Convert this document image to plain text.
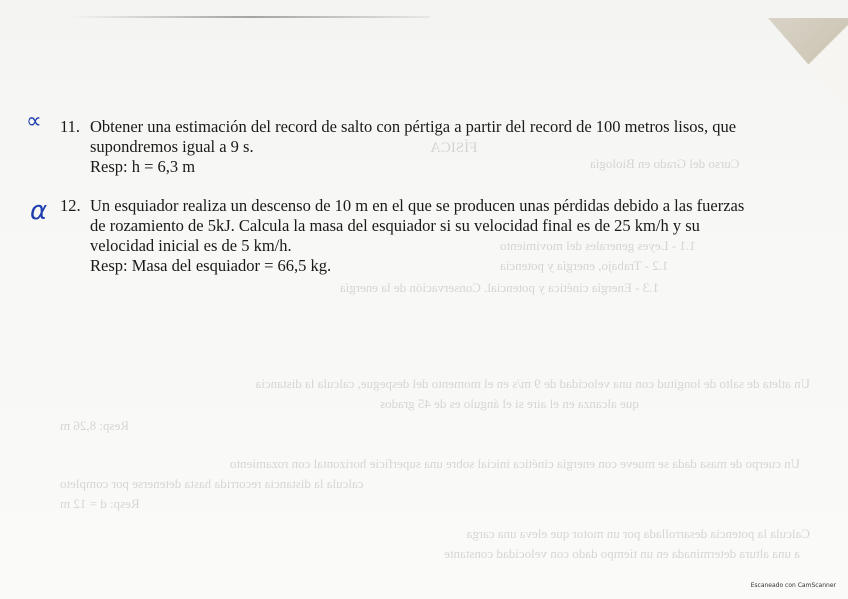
FÍSICA
Curso del Grado en Biología
1.1 - Leyes generales del movimiento
1.2 - Trabajo, energía y potencia
1.3 - Energía cinética y potencial. Conservación de la energía
Un atleta de salto de longitud con una velocidad de 9 m/s en el momento del despegue, calcula la distancia
que alcanza en el aire si el ángulo es de 45 grados
Resp: 8,26 m
Un cuerpo de masa dada se mueve con energía cinética inicial sobre una superficie horizontal con rozamiento
calcula la distancia recorrida hasta detenerse por completo
Resp: d = 12 m
Calcula la potencia desarrollada por un motor que eleva una carga
a una altura determinada en un tiempo dado con velocidad constante
∝ 11. Obtener una estimación del record de salto con pértiga a partir del record de 100 metros lisos, que
supondremos igual a 9 s.
Resp: h = 6,3 m
α 12. Un esquiador realiza un descenso de 10 m en el que se producen unas pérdidas debido a las fuerzas
de rozamiento de 5kJ. Calcula la masa del esquiador si su velocidad final es de 25 km/h y su
velocidad inicial es de 5 km/h.
Resp: Masa del esquiador = 66,5 kg.
Escaneado con CamScanner
